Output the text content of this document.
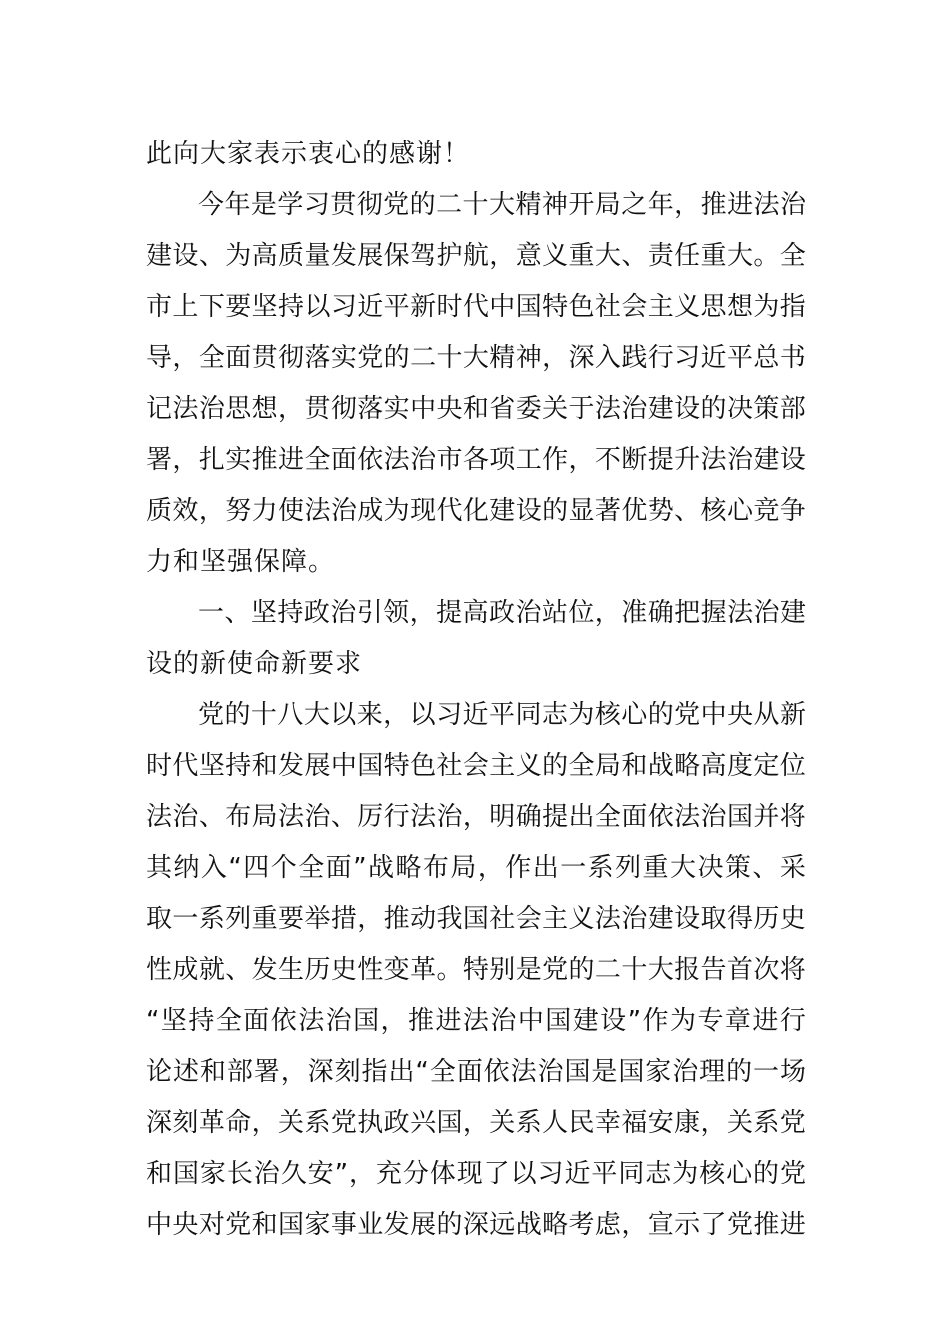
此向大家表示衷心的感谢！
今 年 是 学 习 贯 彻 党 的 二 十 大 精 神 开 局 之 年 ， 推 进 法 治
建 设 、 为 高 质 量 发 展 保 驾 护 航 ， 意 义 重 大 、 责 任 重 大 。 全
市 上 下 要 坚 持 以 习 近 平 新 时 代 中 国 特 色 社 会 主 义 思 想 为 指
导 ， 全 面 贯 彻 落 实 党 的 二 十 大 精 神 ， 深 入 践 行 习 近 平 总 书
记 法 治 思 想 ， 贯 彻 落 实 中 央 和 省 委 关 于 法 治 建 设 的 决 策 部
署 ， 扎 实 推 进 全 面 依 法 治 市 各 项 工 作 ， 不 断 提 升 法 治 建 设
质 效 ， 努 力 使 法 治 成 为 现 代 化 建 设 的 显 著 优 势 、 核 心 竞 争
力和坚强保障。
一 、 坚 持 政 治 引 领 ， 提 高 政 治 站 位 ， 准 确 把 握 法 治 建
设的新使命新要求
党 的 十 八 大 以 来 ， 以 习 近 平 同 志 为 核 心 的 党 中 央 从 新
时 代 坚 持 和 发 展 中 国 特 色 社 会 主 义 的 全 局 和 战 略 高 度 定 位
法 治 、 布 局 法 治 、 厉 行 法 治 ， 明 确 提 出 全 面 依 法 治 国 并 将
其 纳 入 “ 四 个 全 面 ” 战 略 布 局 ， 作 出 一 系 列 重 大 决 策 、 采
取 一 系 列 重 要 举 措 ， 推 动 我 国 社 会 主 义 法 治 建 设 取 得 历 史
性 成 就 、 发 生 历 史 性 变 革 。 特 别 是 党 的 二 十 大 报 告 首 次 将
“ 坚 持 全 面 依 法 治 国 ， 推 进 法 治 中 国 建 设 ” 作 为 专 章 进 行
论 述 和 部 署 ， 深 刻 指 出 “ 全 面 依 法 治 国 是 国 家 治 理 的 一 场
深 刻 革 命 ， 关 系 党 执 政 兴 国 ， 关 系 人 民 幸 福 安 康 ， 关 系 党
和 国 家 长 治 久 安 ” ， 充 分 体 现 了 以 习 近 平 同 志 为 核 心 的 党
中 央 对 党 和 国 家 事 业 发 展 的 深 远 战 略 考 虑 ， 宣 示 了 党 推 进
